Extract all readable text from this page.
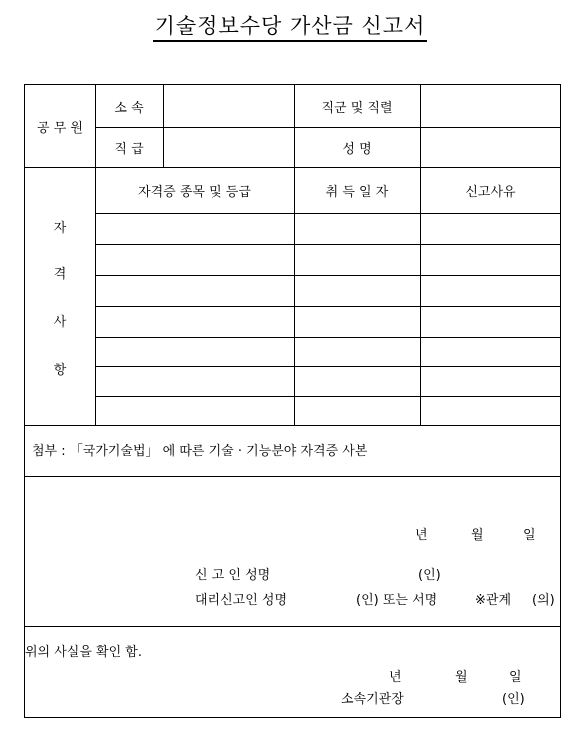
기술정보수당 가산금 신고서
공 무 원
소 속	직군 및 직렬
직 급	성 명
자
격
사
항
자격증 종목 및 등급	취 득 일 자	신고사유
첨부 : 「국가기술법」 에 따른 기술 · 기능분야 자격증 사본
년	월	일
신 고 인 성명	(인)
대리신고인 성명	(인) 또는 서명	※관계 (의)
위의 사실을 확인 함.
년	월	일
소속기관장	(인)
